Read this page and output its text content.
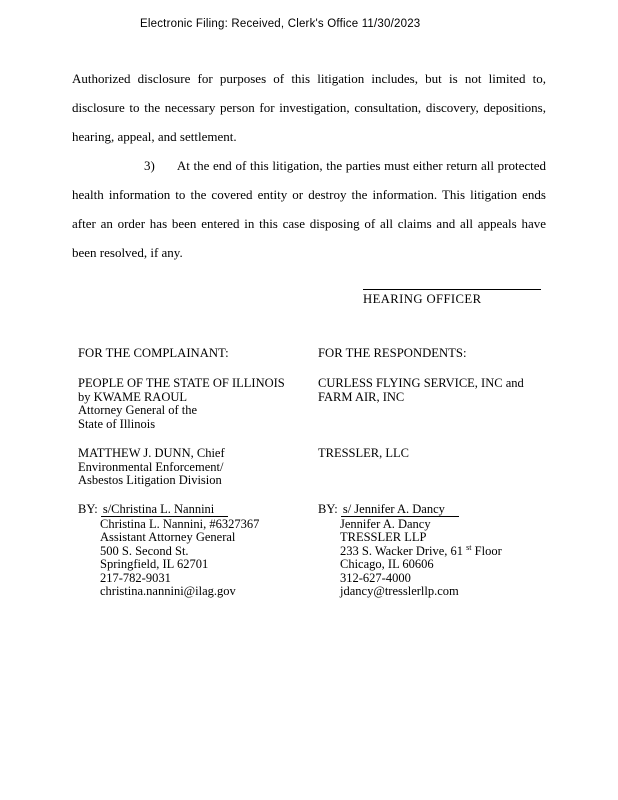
Electronic Filing: Received, Clerk's Office 11/30/2023

Authorized disclosure for purposes of this litigation includes, but is not limited to, disclosure to the necessary person for investigation, consultation, discovery, depositions, hearing, appeal, and settlement.

3) At the end of this litigation, the parties must either return all protected health information to the covered entity or destroy the information. This litigation ends after an order has been entered in this case disposing of all claims and all appeals have been resolved, if any.

HEARING OFFICER
FOR THE COMPLAINANT:	FOR THE RESPONDENTS:
PEOPLE OF THE STATE OF ILLINOIS
by KWAME RAOUL
Attorney General of the
State of Illinois
CURLESS FLYING SERVICE, INC and
FARM AIR, INC
MATTHEW J. DUNN, Chief
Environmental Enforcement/
Asbestos Litigation Division
TRESSLER, LLC
BY: s/Christina L. Nannini
Christina L. Nannini, #6327367
Assistant Attorney General
500 S. Second St.
Springfield, IL 62701
217-782-9031
christina.nannini@ilag.gov
BY: s/ Jennifer A. Dancy
Jennifer A. Dancy
TRESSLER LLP
233 S. Wacker Drive, 61 $^{st}$ Floor
Chicago, IL 60606
312-627-4000
jdancy@tresslerllp.com
